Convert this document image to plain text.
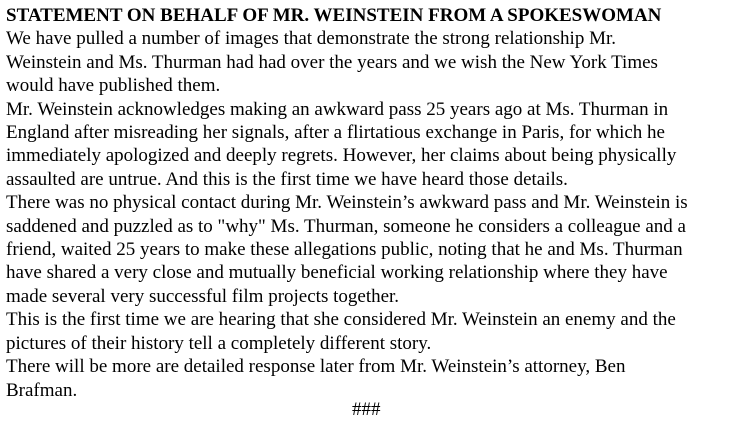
STATEMENT ON BEHALF OF MR. WEINSTEIN FROM A SPOKESWOMAN
We have pulled a number of images that demonstrate the strong relationship Mr.
Weinstein and Ms. Thurman had had over the years and we wish the New York Times
would have published them.
Mr. Weinstein acknowledges making an awkward pass 25 years ago at Ms. Thurman in
England after misreading her signals, after a flirtatious exchange in Paris, for which he
immediately apologized and deeply regrets. However, her claims about being physically
assaulted are untrue. And this is the first time we have heard those details.
There was no physical contact during Mr. Weinstein’s awkward pass and Mr. Weinstein is
saddened and puzzled as to "why" Ms. Thurman, someone he considers a colleague and a
friend, waited 25 years to make these allegations public, noting that he and Ms. Thurman
have shared a very close and mutually beneficial working relationship where they have
made several very successful film projects together.
This is the first time we are hearing that she considered Mr. Weinstein an enemy and the
pictures of their history tell a completely different story.
There will be more are detailed response later from Mr. Weinstein’s attorney, Ben
Brafman.
###
